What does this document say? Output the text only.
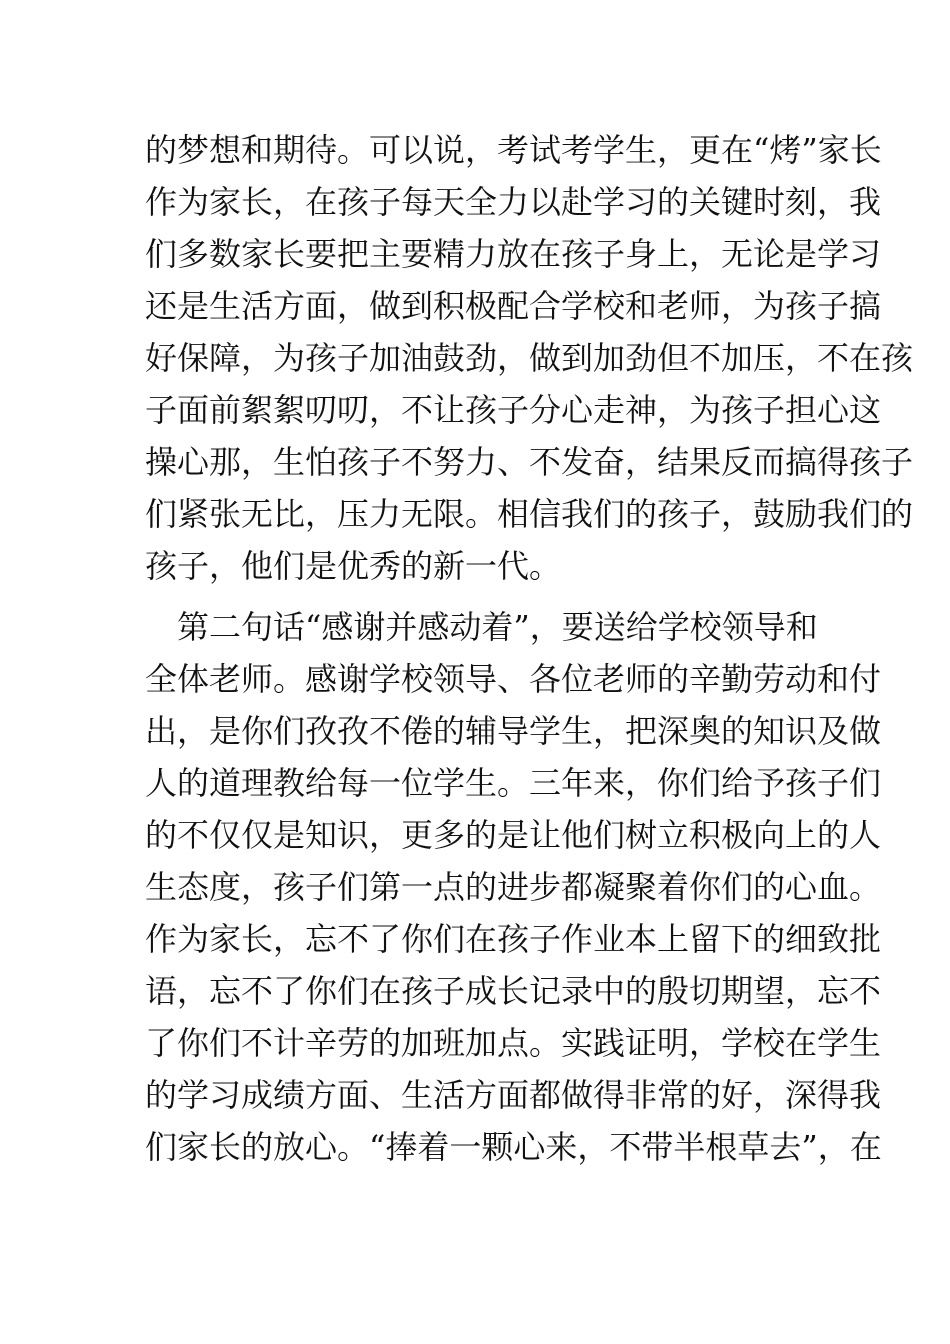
的梦想和期待。可以说，考试考学生，更在“烤”家长
作为家长，在孩子每天全力以赴学习的关键时刻，我
们多数家长要把主要精力放在孩子身上，无论是学习
还是生活方面，做到积极配合学校和老师，为孩子搞
好保障，为孩子加油鼓劲，做到加劲但不加压，不在孩
子面前絮絮叨叨，不让孩子分心走神，为孩子担心这
操心那，生怕孩子不努力、不发奋，结果反而搞得孩子
们紧张无比，压力无限。相信我们的孩子，鼓励我们的
孩子，他们是优秀的新一代。
　第二句话“感谢并感动着”，要送给学校领导和
全体老师。感谢学校领导、各位老师的辛勤劳动和付
出，是你们孜孜不倦的辅导学生，把深奥的知识及做
人的道理教给每一位学生。三年来，你们给予孩子们
的不仅仅是知识，更多的是让他们树立积极向上的人
生态度，孩子们第一点的进步都凝聚着你们的心血。
作为家长，忘不了你们在孩子作业本上留下的细致批
语，忘不了你们在孩子成长记录中的殷切期望，忘不
了你们不计辛劳的加班加点。实践证明，学校在学生
的学习成绩方面、生活方面都做得非常的好，深得我
们家长的放心。“捧着一颗心来，不带半根草去”，在
